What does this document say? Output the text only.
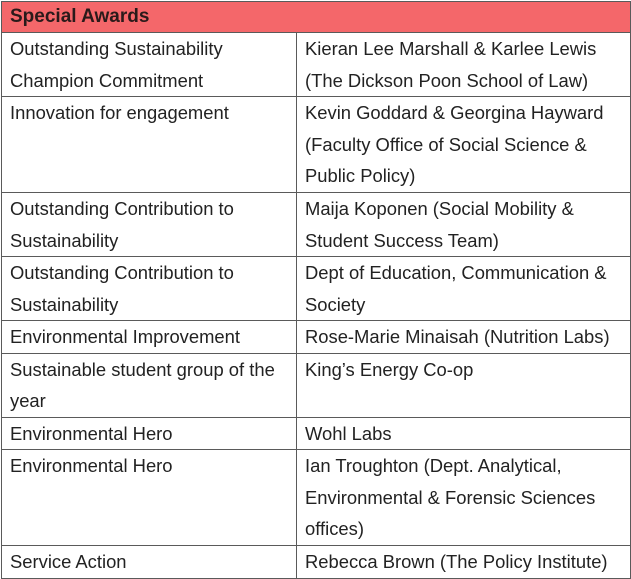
Special Awards	
Outstanding Sustainability Champion Commitment	Kieran Lee Marshall & Karlee Lewis (The Dickson Poon School of Law)
Innovation for engagement	Kevin Goddard & Georgina Hayward (Faculty Office of Social Science & Public Policy)
Outstanding Contribution to Sustainability	Maija Koponen (Social Mobility & Student Success Team)
Outstanding Contribution to Sustainability	Dept of Education, Communication & Society
Environmental Improvement	Rose-Marie Minaisah (Nutrition Labs)
Sustainable student group of the year	King’s Energy Co-op
Environmental Hero	Wohl Labs
Environmental Hero	Ian Troughton (Dept. Analytical, Environmental & Forensic Sciences offices)
Service Action	Rebecca Brown (The Policy Institute)
